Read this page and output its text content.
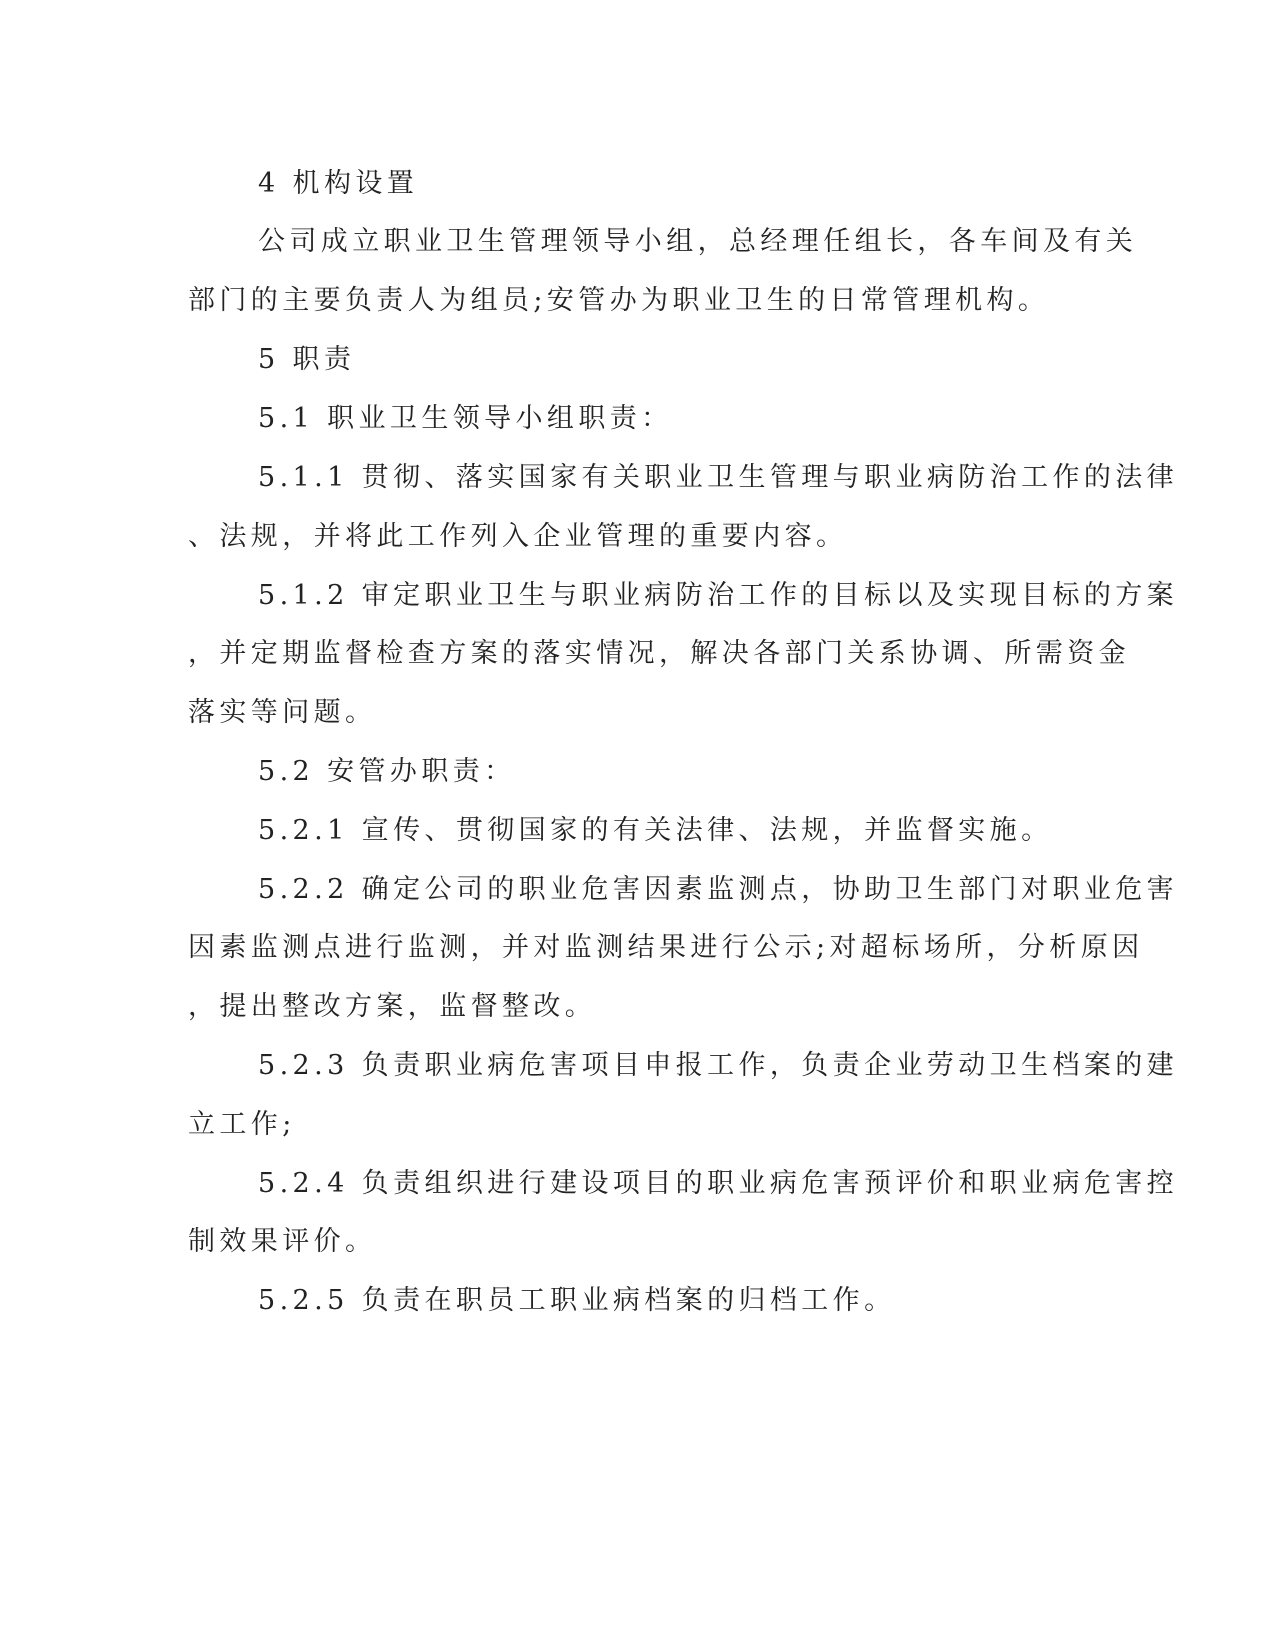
4 机构设置
公司成立职业卫生管理领导小组，总经理任组长，各车间及有关
部门的主要负责人为组员;安管办为职业卫生的日常管理机构。
5 职责
5.1 职业卫生领导小组职责：
5.1.1 贯彻、落实国家有关职业卫生管理与职业病防治工作的法律
、法规，并将此工作列入企业管理的重要内容。
5.1.2 审定职业卫生与职业病防治工作的目标以及实现目标的方案
，并定期监督检查方案的落实情况，解决各部门关系协调、所需资金
落实等问题。
5.2 安管办职责：
5.2.1 宣传、贯彻国家的有关法律、法规，并监督实施。
5.2.2 确定公司的职业危害因素监测点，协助卫生部门对职业危害
因素监测点进行监测，并对监测结果进行公示;对超标场所，分析原因
，提出整改方案，监督整改。
5.2.3 负责职业病危害项目申报工作，负责企业劳动卫生档案的建
立工作;
5.2.4 负责组织进行建设项目的职业病危害预评价和职业病危害控
制效果评价。
5.2.5 负责在职员工职业病档案的归档工作。
